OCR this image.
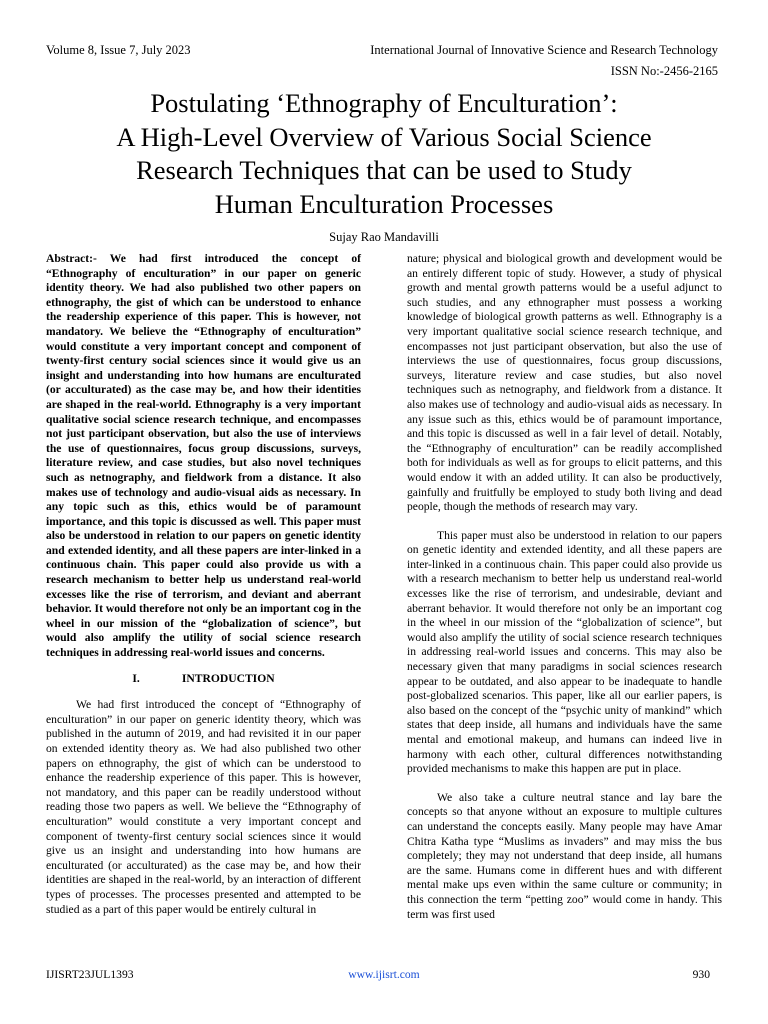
Volume 8, Issue 7, July 2023	International Journal of Innovative Science and Research Technology
ISSN No:-2456-2165
Postulating ‘Ethnography of Enculturation’:
A High-Level Overview of Various Social Science
Research Techniques that can be used to Study
Human Enculturation Processes
Sujay Rao Mandavilli

Abstract:- We had first introduced the concept of “Ethnography of enculturation” in our paper on generic identity theory. We had also published two other papers on ethnography, the gist of which can be understood to enhance the readership experience of this paper. This is however, not mandatory. We believe the “Ethnography of enculturation” would constitute a very important concept and component of twenty-first century social sciences since it would give us an insight and understanding into how humans are enculturated (or acculturated) as the case may be, and how their identities are shaped in the real-world. Ethnography is a very important qualitative social science research technique, and encompasses not just participant observation, but also the use of interviews the use of questionnaires, focus group discussions, surveys, literature review, and case studies, but also novel techniques such as netnography, and fieldwork from a distance. It also makes use of technology and audio-visual aids as necessary. In any topic such as this, ethics would be of paramount importance, and this topic is discussed as well. This paper must also be understood in relation to our papers on genetic identity and extended identity, and all these papers are inter-linked in a continuous chain. This paper could also provide us with a research mechanism to better help us understand real-world excesses like the rise of terrorism, and deviant and aberrant behavior. It would therefore not only be an important cog in the wheel in our mission of the “globalization of science”, but would also amplify the utility of social science research techniques in addressing real-world issues and concerns.

I.	INTRODUCTION

We had first introduced the concept of “Ethnography of enculturation” in our paper on generic identity theory, which was published in the autumn of 2019, and had revisited it in our paper on extended identity theory as. We had also published two other papers on ethnography, the gist of which can be understood to enhance the readership experience of this paper. This is however, not mandatory, and this paper can be readily understood without reading those two papers as well. We believe the “Ethnography of enculturation” would constitute a very important concept and component of twenty-first century social sciences since it would give us an insight and understanding into how humans are enculturated (or acculturated) as the case may be, and how their identities are shaped in the real-world, by an interaction of different types of processes. The processes presented and attempted to be studied as a part of this paper would be entirely cultural in

nature; physical and biological growth and development would be an entirely different topic of study. However, a study of physical growth and mental growth patterns would be a useful adjunct to such studies, and any ethnographer must possess a working knowledge of biological growth patterns as well. Ethnography is a very important qualitative social science research technique, and encompasses not just participant observation, but also the use of interviews the use of questionnaires, focus group discussions, surveys, literature review and case studies, but also novel techniques such as netnography, and fieldwork from a distance. It also makes use of technology and audio-visual aids as necessary. In any issue such as this, ethics would be of paramount importance, and this topic is discussed as well in a fair level of detail. Notably, the “Ethnography of enculturation” can be readily accomplished both for individuals as well as for groups to elicit patterns, and this would endow it with an added utility. It can also be productively, gainfully and fruitfully be employed to study both living and dead people, though the methods of research may vary.

This paper must also be understood in relation to our papers on genetic identity and extended identity, and all these papers are inter-linked in a continuous chain. This paper could also provide us with a research mechanism to better help us understand real-world excesses like the rise of terrorism, and undesirable, deviant and aberrant behavior. It would therefore not only be an important cog in the wheel in our mission of the “globalization of science”, but would also amplify the utility of social science research techniques in addressing real-world issues and concerns. This may also be necessary given that many paradigms in social sciences research appear to be outdated, and also appear to be inadequate to handle post-globalized scenarios. This paper, like all our earlier papers, is also based on the concept of the “psychic unity of mankind” which states that deep inside, all humans and individuals have the same mental and emotional makeup, and humans can indeed live in harmony with each other, cultural differences notwithstanding provided mechanisms to make this happen are put in place.

We also take a culture neutral stance and lay bare the concepts so that anyone without an exposure to multiple cultures can understand the concepts easily. Many people may have Amar Chitra Katha type “Muslims as invaders” and may miss the bus completely; they may not understand that deep inside, all humans are the same. Humans come in different hues and with different mental make ups even within the same culture or community; in this connection the term “petting zoo” would come in handy. This term was first used

IJISRT23JUL1393	www.ijisrt.com	930
